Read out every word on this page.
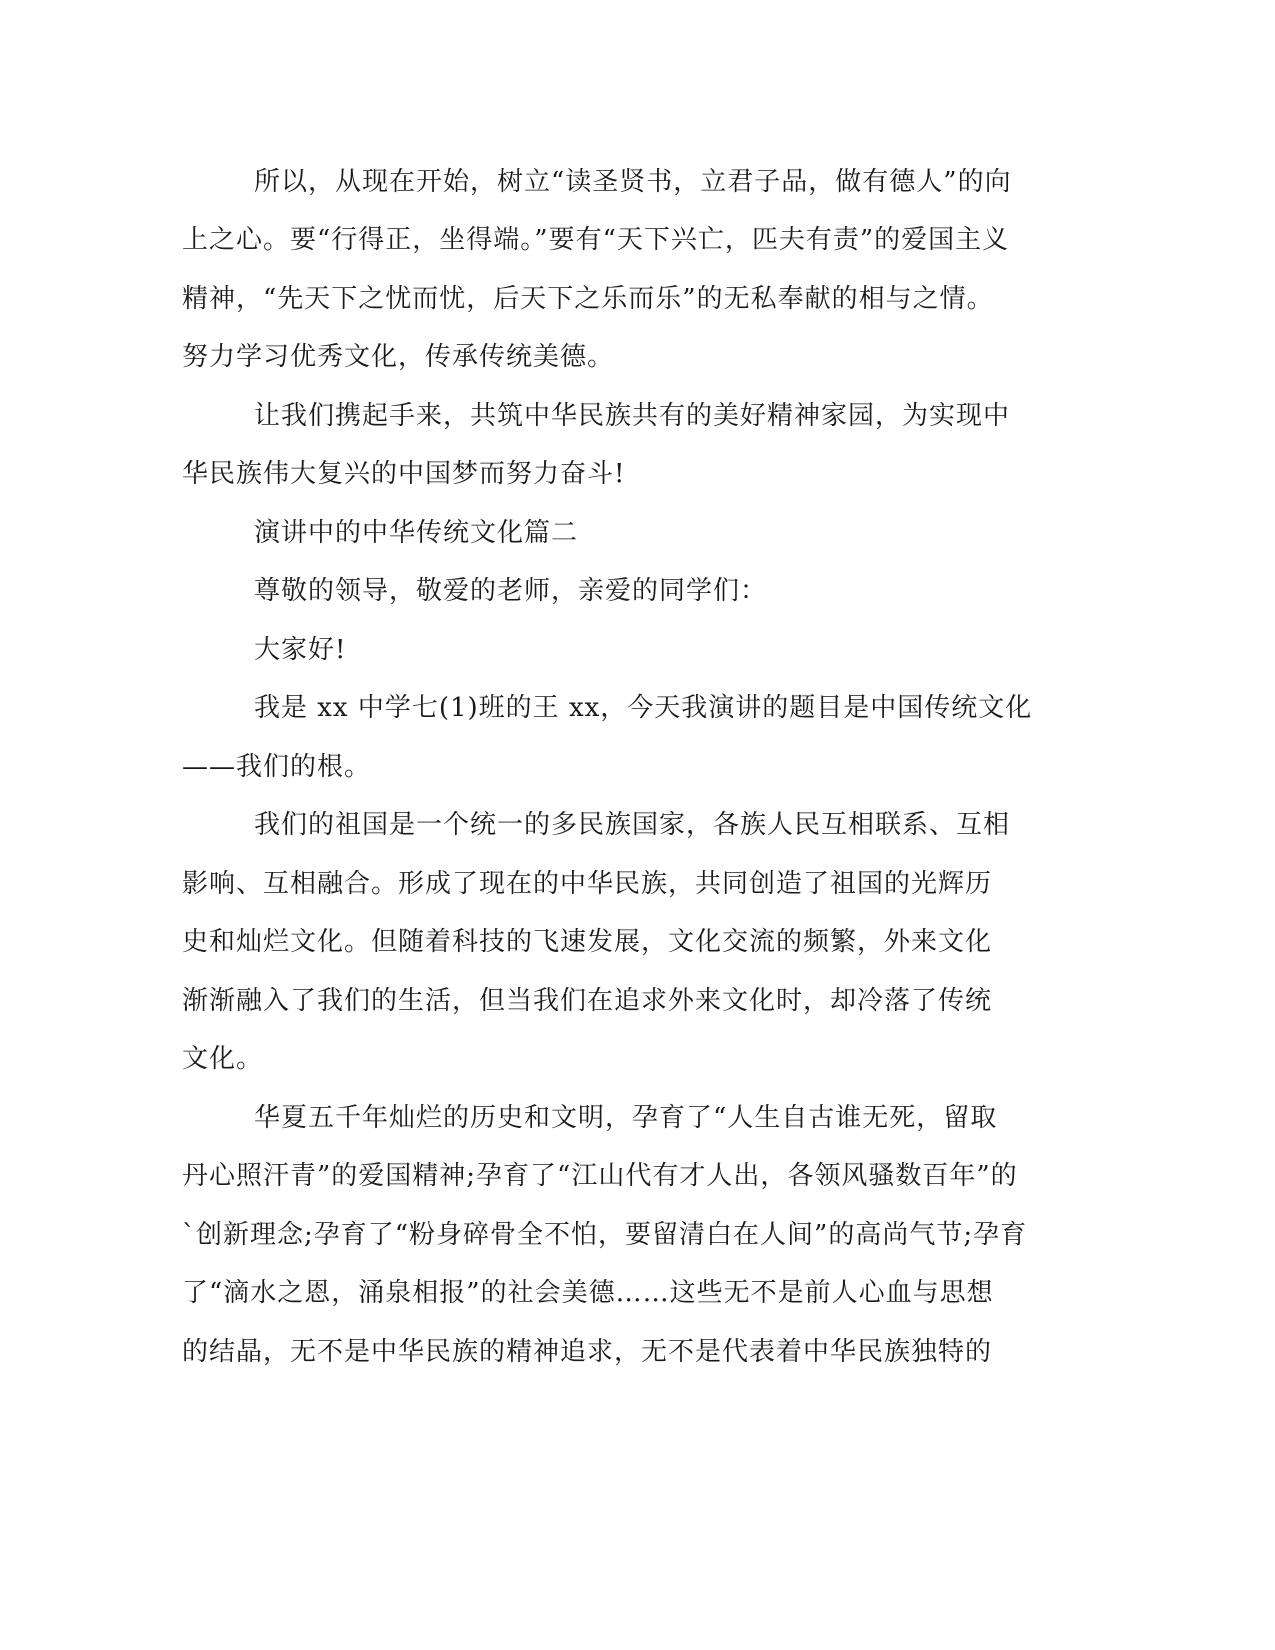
所以，从现在开始，树立“读圣贤书，立君子品，做有德人”的向
上之心。要“行得正，坐得端。”要有“天下兴亡，匹夫有责”的爱国主义
精神，“先天下之忧而忧，后天下之乐而乐”的无私奉献的相与之情。
努力学习优秀文化，传承传统美德。
让我们携起手来，共筑中华民族共有的美好精神家园，为实现中
华民族伟大复兴的中国梦而努力奋斗!
演讲中的中华传统文化篇二
尊敬的领导，敬爱的老师，亲爱的同学们：
大家好!
我是 xx 中学七(1)班的王 xx，今天我演讲的题目是中国传统文化
——我们的根。
我们的祖国是一个统一的多民族国家，各族人民互相联系、互相
影响、互相融合。形成了现在的中华民族，共同创造了祖国的光辉历
史和灿烂文化。但随着科技的飞速发展，文化交流的频繁，外来文化
渐渐融入了我们的生活，但当我们在追求外来文化时，却冷落了传统
文化。
华夏五千年灿烂的历史和文明，孕育了“人生自古谁无死，留取
丹心照汗青”的爱国精神;孕育了“江山代有才人出，各领风骚数百年”的
`创新理念;孕育了“粉身碎骨全不怕，要留清白在人间”的高尚气节;孕育
了“滴水之恩，涌泉相报”的社会美德……这些无不是前人心血与思想
的结晶，无不是中华民族的精神追求，无不是代表着中华民族独特的
